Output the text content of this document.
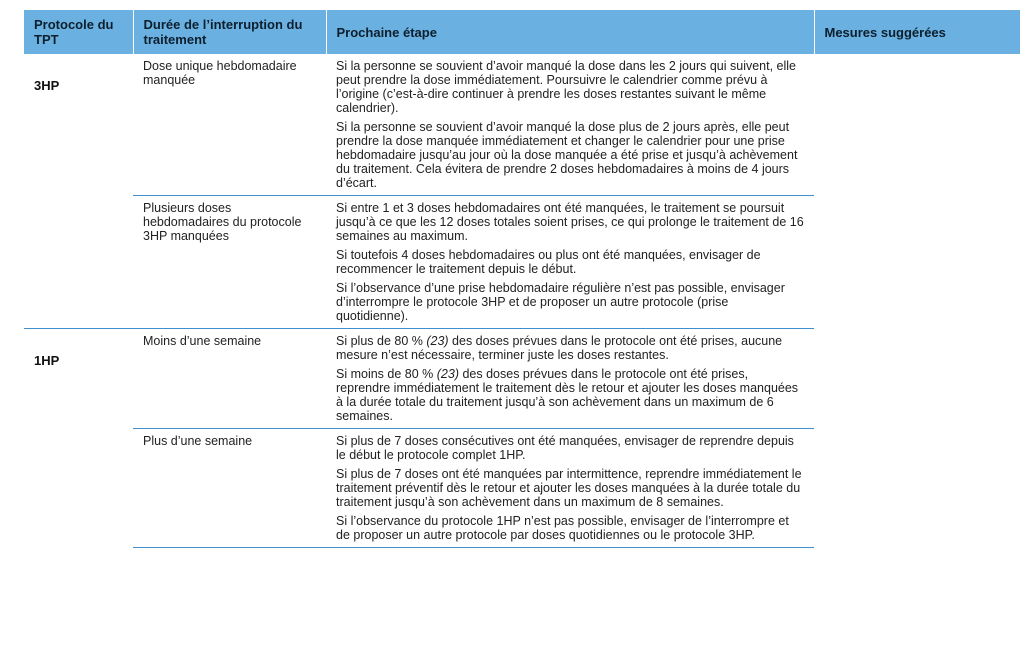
Protocole du TPT	Durée de l’interruption du traitement	Prochaine étape	Mesures suggérées
3HP	Dose unique hebdomadaire manquée	Si la personne se souvient d’avoir manqué la dose dans les 2 jours qui suivent, elle peut prendre la dose immédiatement. Poursuivre le calendrier comme prévu à l’origine (c’est-à-dire continuer à prendre les doses restantes suivant le même calendrier).

Si la personne se souvient d’avoir manqué la dose plus de 2 jours après, elle peut prendre la dose manquée immédiatement et changer le calendrier pour une prise hebdomadaire jusqu’au jour où la dose manquée a été prise et jusqu’à achèvement du traitement. Cela évitera de prendre 2 doses hebdomadaires à moins de 4 jours d’écart.	

	Plusieurs doses hebdomadaires du protocole 3HP manquées	Si entre 1 et 3 doses hebdomadaires ont été manquées, le traitement se poursuit jusqu’à ce que les 12 doses totales soient prises, ce qui prolonge le traitement de 16 semaines au maximum.

Si toutefois 4 doses hebdomadaires ou plus ont été manquées, envisager de recommencer le traitement depuis le début.

Si l’observance d’une prise hebdomadaire régulière n’est pas possible, envisager d’interrompre le protocole 3HP et de proposer un autre protocole (prise quotidienne).	

1HP	Moins d’une semaine	Si plus de 80 % (23) des doses prévues dans le protocole ont été prises, aucune mesure n’est nécessaire, terminer juste les doses restantes.

Si moins de 80 % (23) des doses prévues dans le protocole ont été prises, reprendre immédiatement le traitement dès le retour et ajouter les doses manquées à la durée totale du traitement jusqu’à son achèvement dans un maximum de 6 semaines.	

	Plus d’une semaine	Si plus de 7 doses consécutives ont été manquées, envisager de reprendre depuis le début le protocole complet 1HP.

Si plus de 7 doses ont été manquées par intermittence, reprendre immédiatement le traitement préventif dès le retour et ajouter les doses manquées à la durée totale du traitement jusqu’à son achèvement dans un maximum de 8 semaines.

Si l’observance du protocole 1HP n’est pas possible, envisager de l’interrompre et de proposer un autre protocole par doses quotidiennes ou le protocole 3HP.	
